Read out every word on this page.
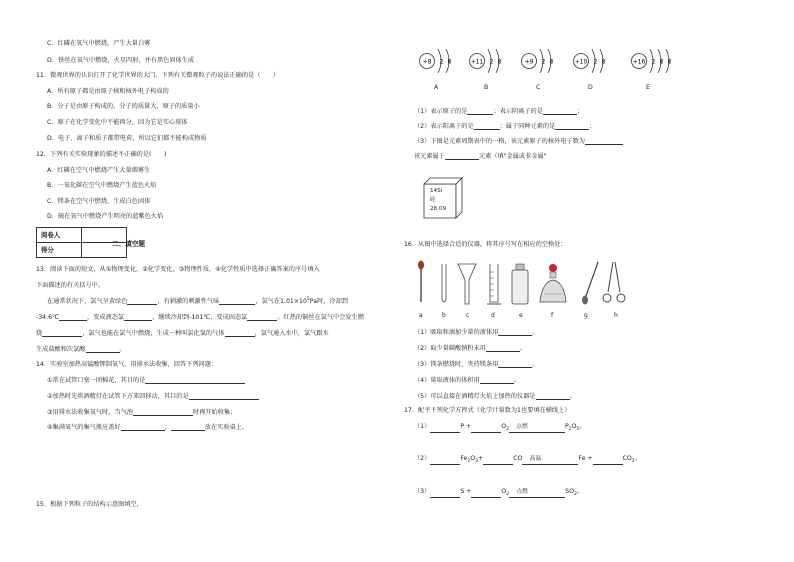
C．红磷在氧气中燃烧，产生大量白雾
D．铁丝在氧气中燃烧，火星四射，并有黑色固体生成
11．微观世界的认识打开了化学世界的大门，下列有关微观粒子的说法正确的是（　　）
A．所有原子都是由原子核和核外电子构成的
B．分子是由原子构成的，分子的质量大，原子的质量小
C．原子在化学变化中不能再分，因为它是实心球体
D．电子、离子和质子都带电荷，所以它们都不能构成物质
12．下列有关实验现象的描述不正确的是(　　)
A．红磷在空气中燃烧产生大量烟雾生
B．一氧化碳在空气中燃烧产生蓝色火焰
C．镁条在空气中燃烧，生成白色固体
D．硫在氧气中燃烧产生明亮的蓝紫色火焰
阅卷人	
得分	
二、填空题
13．阅读下面的短文，从①物理变化、②化学变化、③物理性质、④化学性质中选择正确答案的序号填入
下面描述的有关括号中。
在通常状况下，氯气呈黄绿色	，有刺激的刺激性气味	，氯气在$1.01\times 10^5Pa$时，冷却到
-34.6℃	，变成液态氯	，继续冷却到-101℃，变成固态氯	。红热的铜丝在氯气中会发生燃
烧	，氯气也能在氯气中燃烧，生成一种叫氯化氢的气体	，氯气通入水中，氯气跟水
生成盐酸和次氯酸	。
14．实验室加热高锰酸钾制氧气，用排水法收集，回答下列问题：
①常在试管口塞一团棉花，其目的是
②加热时先将酒精灯在试管下方来回移动，其目的是
③用排水法收集氧气时，当气泡	时再开始收集；
④集满氧气的集气瓶应盖好	，	放在实验桌上。
15．根据下列粒子的结构示意图填空，
+8 2 8
A
+11 2 8
B
+9 2 8
C
+10 2 8
D
+16 2 8 8
E
（1）表示原子的是	；表示阴离子的是	；
（2）表示阳离子的是	；属于同种元素的是	；
（3）下图是元素周期表中的一格，该元素原子的核外电子数为
该元素属于	元素（填"金属或非金属"
14Si
硅
28.09
16．从图中选择合适的仪器，将其序号写在相应的空格处：
a	b	c	d	e	f	g	h
（1）吸取和滴加少量的液体用	。
（2）取少量碳酸钠粉末用	。
（3）镁条燃烧时，夹持镁条用	。
（4）量取液体的体积用	。
（5）可以直接在酒精灯火焰上加热的仪器是	。
17．配平下列化学方程式（化学计量数为1也要填在横线上）
（1）	P +	$O_2$	点燃	$P_2O_5$。
（2）	$Fe_2O_3+$	CO	高温	Fe +	$CO_2$。
（3）	S +	$O_2$	点燃	$SO_2$。
